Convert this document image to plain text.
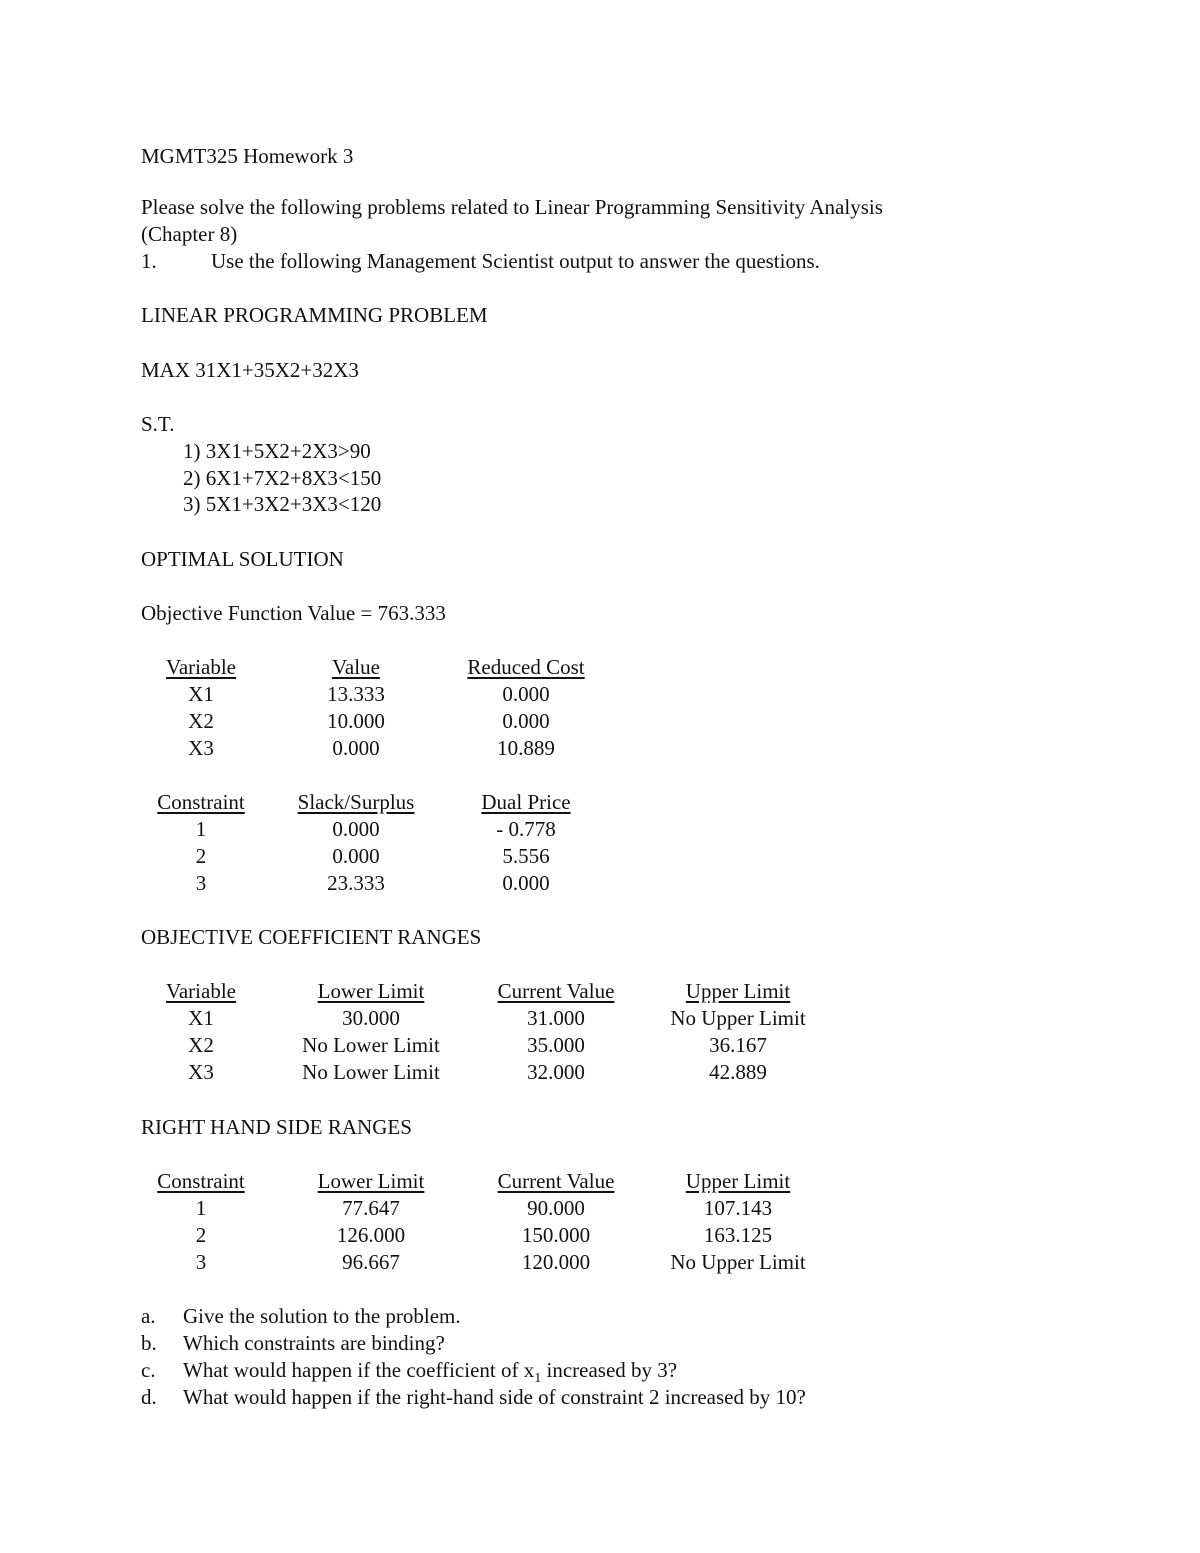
MGMT325 Homework 3
Please solve the following problems related to Linear Programming Sensitivity Analysis
(Chapter 8)
1.	Use the following Management Scientist output to answer the questions.
LINEAR PROGRAMMING PROBLEM
MAX 31X1+35X2+32X3
S.T.
1) 3X1+5X2+2X3>90
2) 6X1+7X2+8X3<150
3) 5X1+3X2+3X3<120
OPTIMAL SOLUTION
Objective Function Value = 763.333
Variable	Value	Reduced Cost
X1	13.333	0.000
X2	10.000	0.000
X3	0.000	10.889
Constraint	Slack/Surplus	Dual Price
1	0.000	- 0.778
2	0.000	5.556
3	23.333	0.000
OBJECTIVE COEFFICIENT RANGES
Variable	Lower Limit	Current Value	Upper Limit
X1	30.000	31.000	No Upper Limit
X2	No Lower Limit	35.000	36.167
X3	No Lower Limit	32.000	42.889
RIGHT HAND SIDE RANGES
Constraint	Lower Limit	Current Value	Upper Limit
1	77.647	90.000	107.143
2	126.000	150.000	163.125
3	96.667	120.000	No Upper Limit
a. Give the solution to the problem.
b. Which constraints are binding?
c. What would happen if the coefficient of $x_1$ increased by 3?
d. What would happen if the right-hand side of constraint 2 increased by 10?
